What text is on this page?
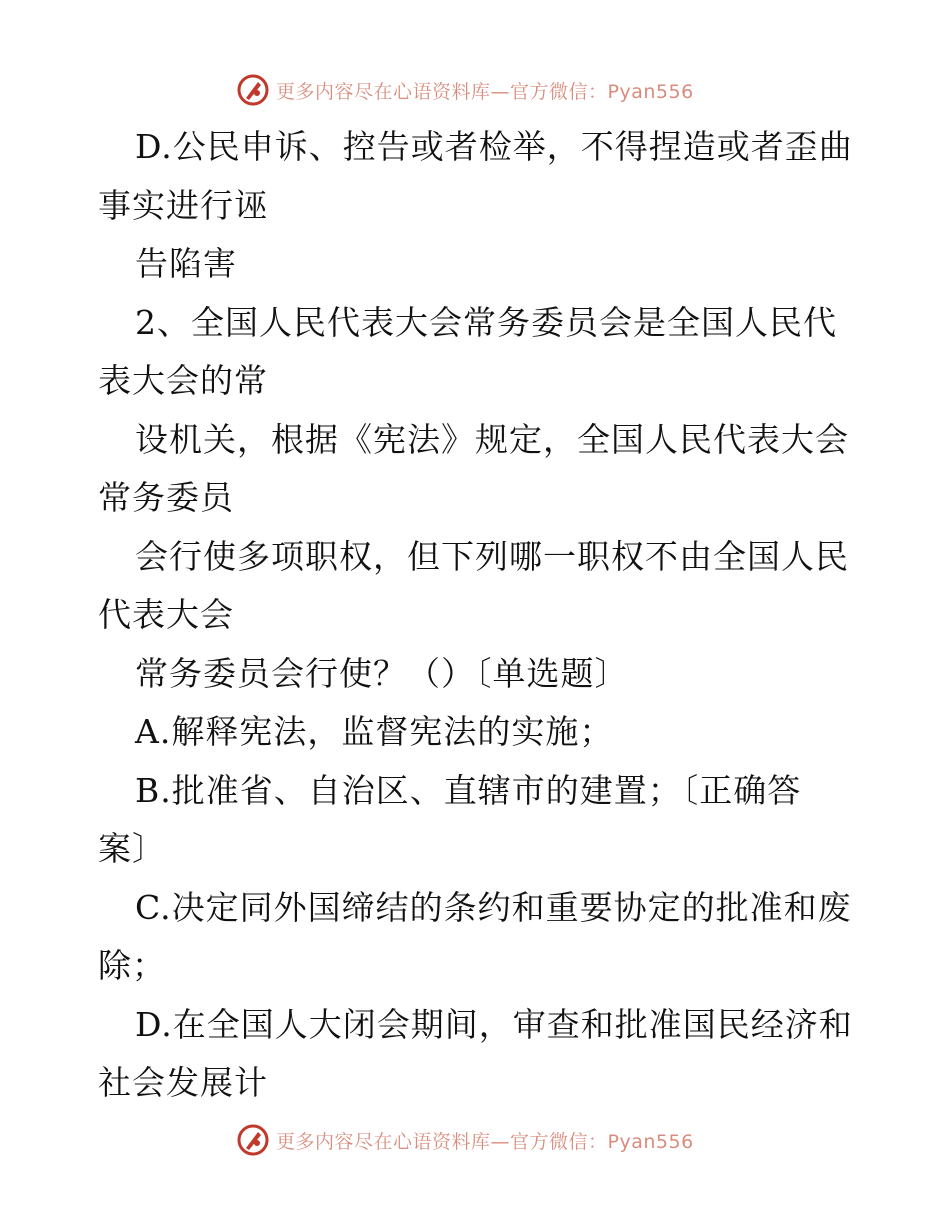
更多内容尽在心语资料库—官方微信：Pyan556
D.公民申诉、控告或者检举，不得捏造或者歪曲
事实进行诬
告陷害
2、全国人民代表大会常务委员会是全国人民代
表大会的常
设机关，根据《宪法》规定，全国人民代表大会
常务委员
会行使多项职权，但下列哪一职权不由全国人民
代表大会
常务委员会行使？（）〔单选题〕
A.解释宪法，监督宪法的实施；
B.批准省、自治区、直辖市的建置；〔正确答
案〕
C.决定同外国缔结的条约和重要协定的批准和废
除；
D.在全国人大闭会期间，审查和批准国民经济和
社会发展计
更多内容尽在心语资料库—官方微信：Pyan556
